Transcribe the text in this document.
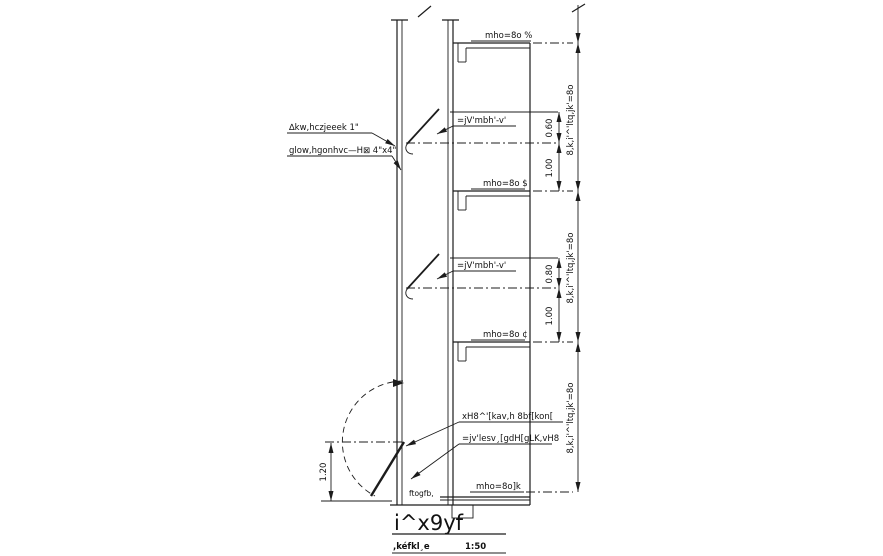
mho=8o %
mho=8o $
mho=8o ¢
mho=8o]k
∆kw,hczjeeek 1"
glow,hgonhvc—H⊠ 4"x4"
=jV'mbh'-v'
=jV'mbh'-v'
xH8^'[kav,h 8bf[kon[
=jv'lesv¸[gdH[gLK,vH8
ftogfb,
0.60
1.00
0.80
1.00
8,k,i'^'ltq,jk'=8o
8,k,i'^'ltq,jk'=8o
8,k,i'^'ltq,jk'=8o
1.20
i^x9yf
,kéfkl¸e	1:50
